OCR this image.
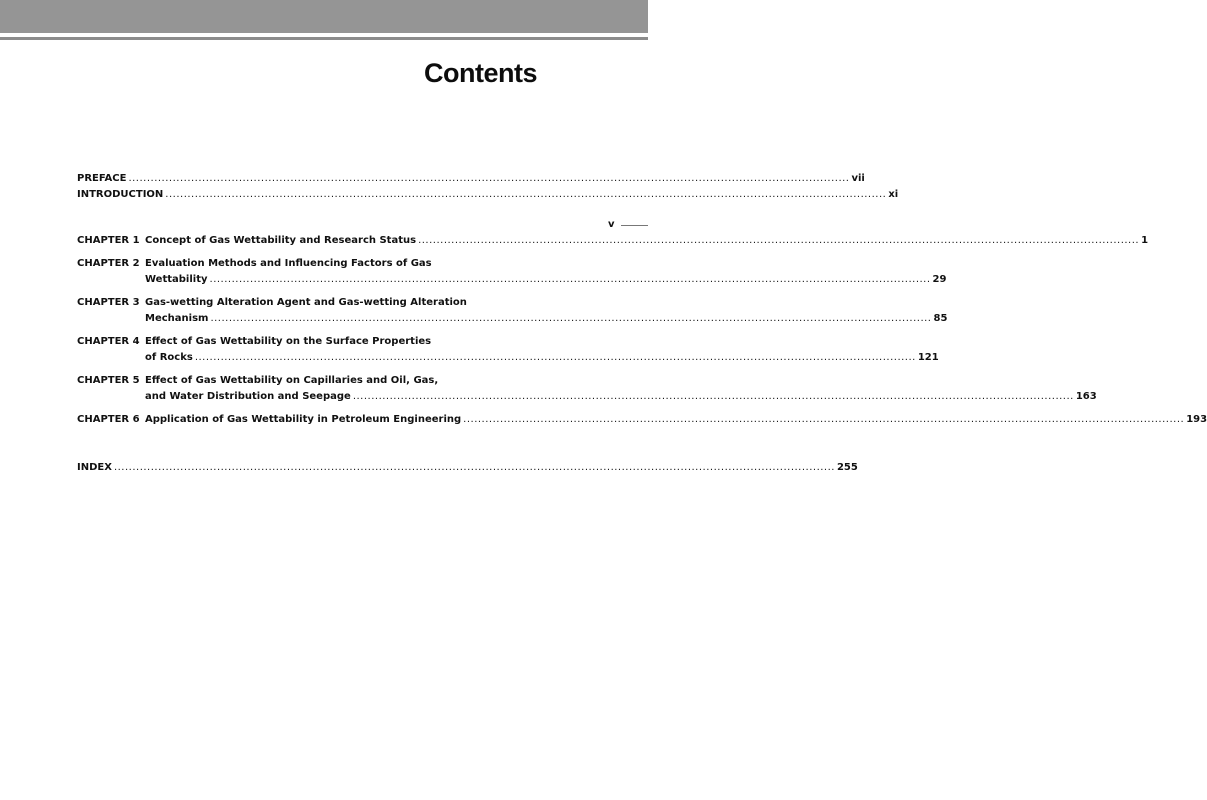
Contents
v
PREFACE .....	vii
INTRODUCTION .....	xi
CHAPTER 1 Concept of Gas Wettability and Research Status .....	1
CHAPTER 2 Evaluation Methods and Influencing Factors of Gas
Wettability .....	29
CHAPTER 3 Gas-wetting Alteration Agent and Gas-wetting Alteration
Mechanism .....	85
CHAPTER 4 Effect of Gas Wettability on the Surface Properties
of Rocks .....	121
CHAPTER 5 Effect of Gas Wettability on Capillaries and Oil, Gas,
and Water Distribution and Seepage .....	163
CHAPTER 6 Application of Gas Wettability in Petroleum Engineering .....	193
INDEX .....	255
